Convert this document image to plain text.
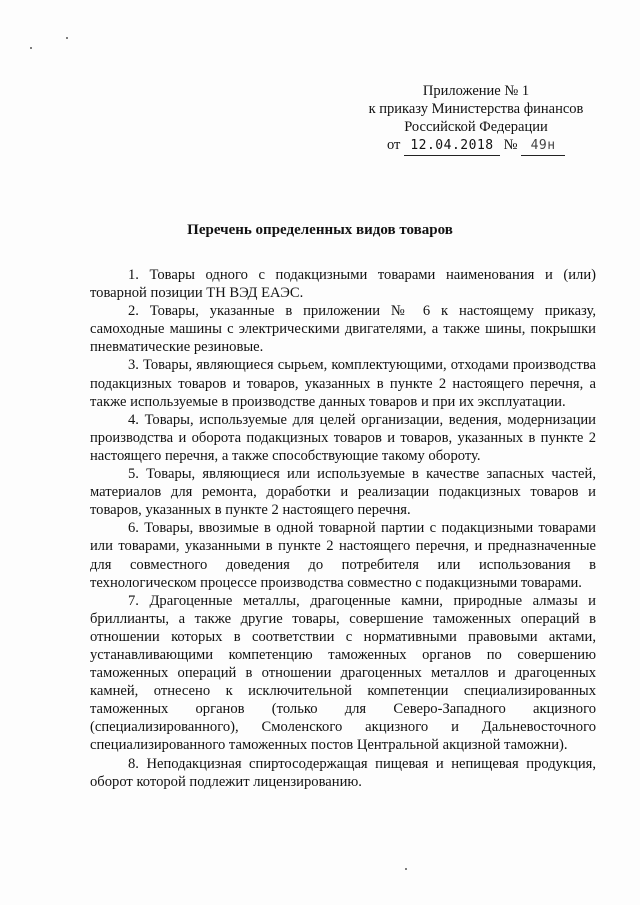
Приложение № 1
к приказу Министерства финансов
Российской Федерации
от 12.04.2018 № 49н
Перечень определенных видов товаров

1. Товары одного с подакцизными товарами наименования и (или) товарной позиции ТН ВЭД ЕАЭС.

2. Товары, указанные в приложении № 6 к настоящему приказу, самоходные машины с электрическими двигателями, а также шины, покрышки пневматические резиновые.

3. Товары, являющиеся сырьем, комплектующими, отходами производства подакцизных товаров и товаров, указанных в пункте 2 настоящего перечня, а также используемые в производстве данных товаров и при их эксплуатации.

4. Товары, используемые для целей организации, ведения, модернизации производства и оборота подакцизных товаров и товаров, указанных в пункте 2 настоящего перечня, а также способствующие такому обороту.

5. Товары, являющиеся или используемые в качестве запасных частей, материалов для ремонта, доработки и реализации подакцизных товаров и товаров, указанных в пункте 2 настоящего перечня.

6. Товары, ввозимые в одной товарной партии с подакцизными товарами или товарами, указанными в пункте 2 настоящего перечня, и предназначенные для совместного доведения до потребителя или использования в технологическом процессе производства совместно с подакцизными товарами.

7. Драгоценные металлы, драгоценные камни, природные алмазы и бриллианты, а также другие товары, совершение таможенных операций в отношении которых в соответствии с нормативными правовыми актами, устанавливающими компетенцию таможенных органов по совершению таможенных операций в отношении драгоценных металлов и драгоценных камней, отнесено к исключительной компетенции специализированных таможенных органов (только для Северо-Западного акцизного (специализированного), Смоленского акцизного и Дальневосточного специализированного таможенных постов Центральной акцизной таможни).

8. Неподакцизная спиртосодержащая пищевая и непищевая продукция, оборот которой подлежит лицензированию.
